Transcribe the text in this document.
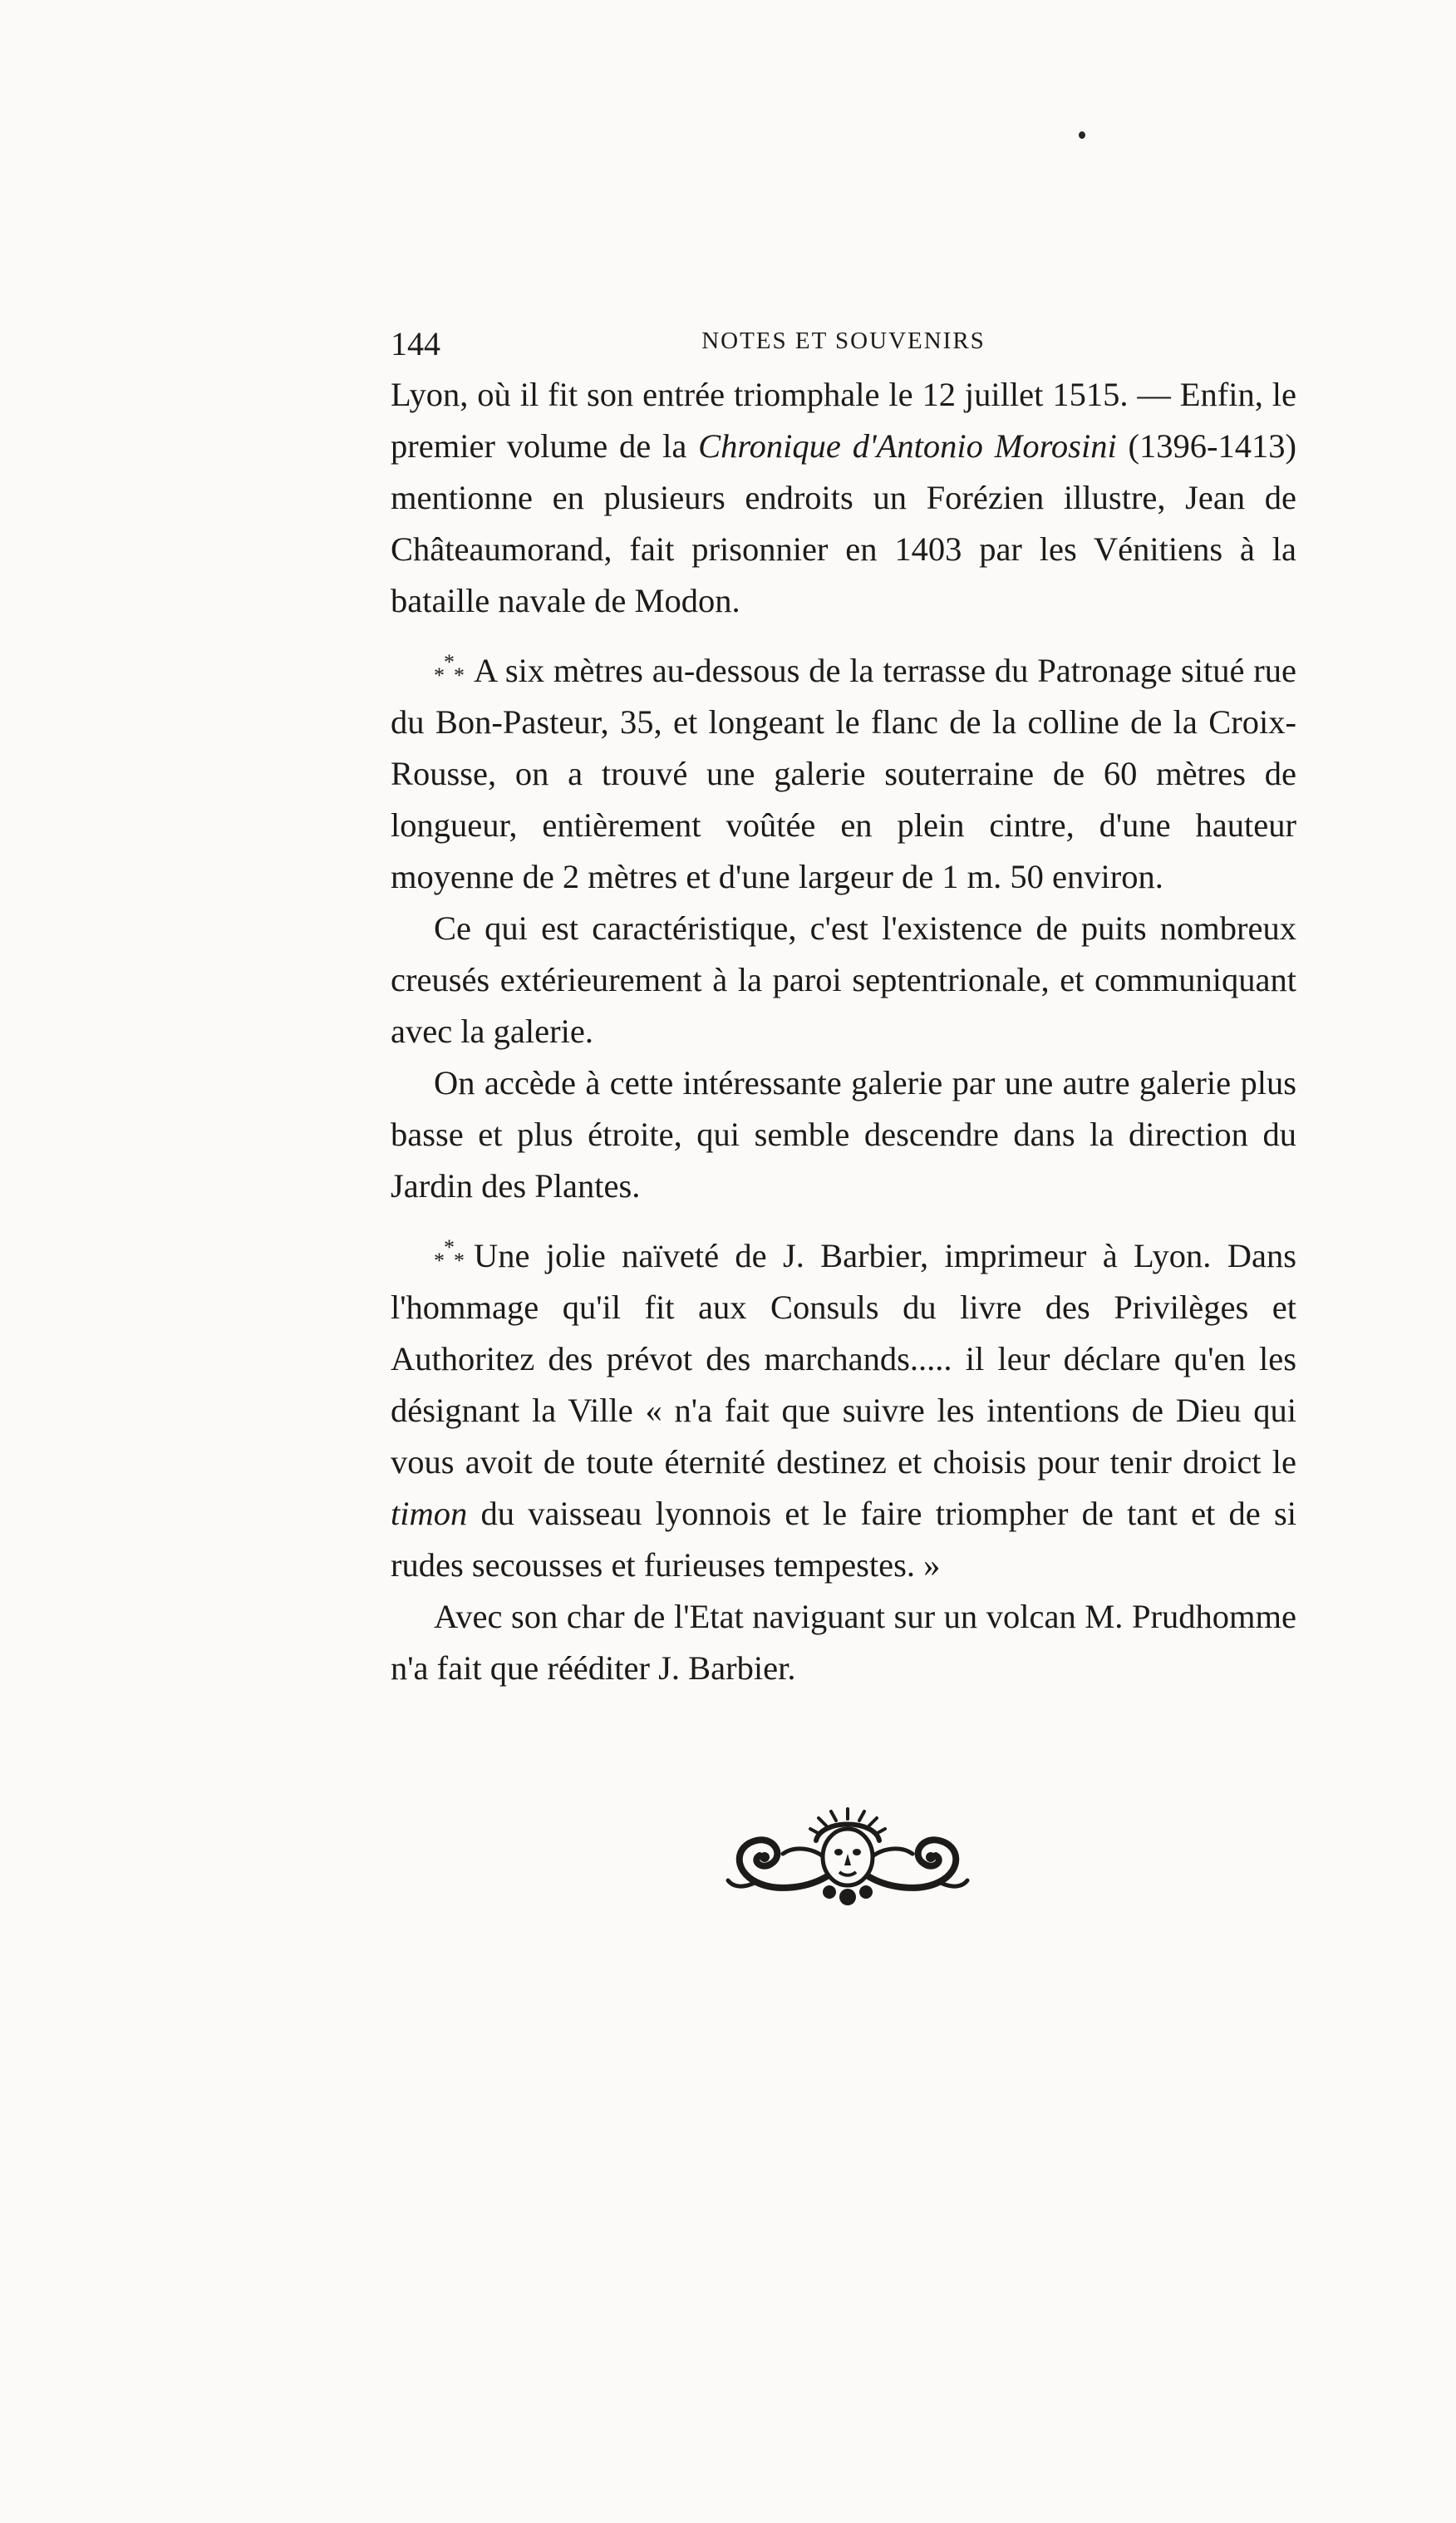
144	NOTES ET SOUVENIRS

Lyon, où il fit son entrée triomphale le 12 juillet 1515. — Enfin, le premier volume de la Chronique d'Antonio Morosini (1396-1413) mentionne en plusieurs endroits un Forézien illustre, Jean de Châteaumorand, fait prisonnier en 1403 par les Vénitiens à la bataille navale de Modon.

*
* * A six mètres au-dessous de la terrasse du Patronage situé rue du Bon-Pasteur, 35, et longeant le flanc de la colline de la Croix-Rousse, on a trouvé une galerie souterraine de 60 mètres de longueur, entièrement voûtée en plein cintre, d'une hauteur moyenne de 2 mètres et d'une largeur de 1 m. 50 environ.

Ce qui est caractéristique, c'est l'existence de puits nombreux creusés extérieurement à la paroi septentrionale, et communiquant avec la galerie.

On accède à cette intéressante galerie par une autre galerie plus basse et plus étroite, qui semble descendre dans la direction du Jardin des Plantes.

*
* * Une jolie naïveté de J. Barbier, imprimeur à Lyon. Dans l'hommage qu'il fit aux Consuls du livre des Privilèges et Authoritez des prévot des marchands..... il leur déclare qu'en les désignant la Ville « n'a fait que suivre les intentions de Dieu qui vous avoit de toute éternité destinez et choisis pour tenir droict le timon du vaisseau lyonnois et le faire triompher de tant et de si rudes secousses et furieuses tempestes. »

Avec son char de l'Etat naviguant sur un volcan M. Prudhomme n'a fait que rééditer J. Barbier.
